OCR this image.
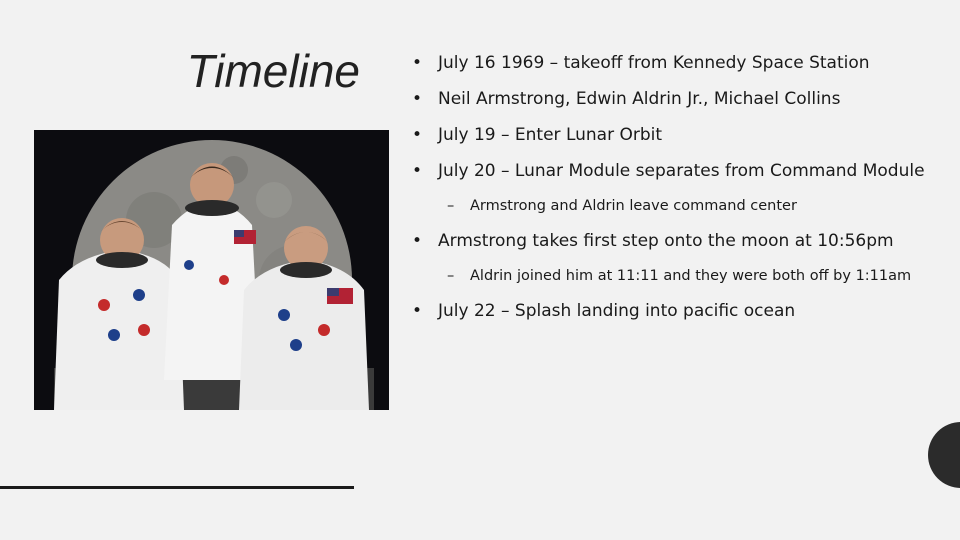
Timeline	• July 16 1969 – takeoff from Kennedy Space Station
• Neil Armstrong, Edwin Aldrin Jr., Michael Collins
• July 19 – Enter Lunar Orbit
• July 20 – Lunar Module separates from Command Module
– Armstrong and Aldrin leave command center
• Armstrong takes first step onto the moon at 10:56pm
– Aldrin joined him at 11:11 and they were both off by 1:11am
• July 22 – Splash landing into pacific ocean
